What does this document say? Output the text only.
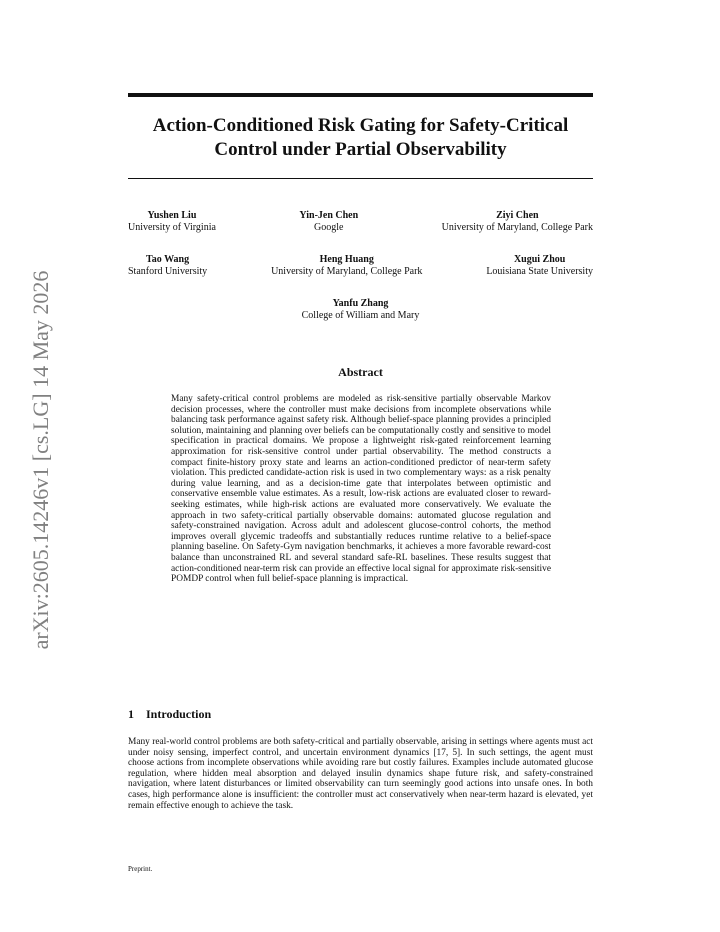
arXiv:2605.14246v1 [cs.LG] 14 May 2026
Action-Conditioned Risk Gating for Safety-Critical Control under Partial Observability
Yushen Liu
University of Virginia
Yin-Jen Chen
Google
Ziyi Chen
University of Maryland, College Park
Tao Wang
Stanford University
Heng Huang
University of Maryland, College Park
Xugui Zhou
Louisiana State University
Yanfu Zhang
College of William and Mary
Abstract

Many safety-critical control problems are modeled as risk-sensitive partially observable Markov decision processes, where the controller must make decisions from incomplete observations while balancing task performance against safety risk. Although belief-space planning provides a principled solution, maintaining and planning over beliefs can be computationally costly and sensitive to model specification in practical domains. We propose a lightweight risk-gated reinforcement learning approximation for risk-sensitive control under partial observability. The method constructs a compact finite-history proxy state and learns an action-conditioned predictor of near-term safety violation. This predicted candidate-action risk is used in two complementary ways: as a risk penalty during value learning, and as a decision-time gate that interpolates between optimistic and conservative ensemble value estimates. As a result, low-risk actions are evaluated closer to reward-seeking estimates, while high-risk actions are evaluated more conservatively. We evaluate the approach in two safety-critical partially observable domains: automated glucose regulation and safety-constrained navigation. Across adult and adolescent glucose-control cohorts, the method improves overall glycemic tradeoffs and substantially reduces runtime relative to a belief-space planning baseline. On Safety-Gym navigation benchmarks, it achieves a more favorable reward-cost balance than unconstrained RL and several standard safe-RL baselines. These results suggest that action-conditioned near-term risk can provide an effective local signal for approximate risk-sensitive POMDP control when full belief-space planning is impractical.

1 Introduction

Many real-world control problems are both safety-critical and partially observable, arising in settings where agents must act under noisy sensing, imperfect control, and uncertain environment dynamics [17, 5]. In such settings, the agent must choose actions from incomplete observations while avoiding rare but costly failures. Examples include automated glucose regulation, where hidden meal absorption and delayed insulin dynamics shape future risk, and safety-constrained navigation, where latent disturbances or limited observability can turn seemingly good actions into unsafe ones. In both cases, high performance alone is insufficient: the controller must act conservatively when near-term hazard is elevated, yet remain effective enough to achieve the task.

Preprint.
